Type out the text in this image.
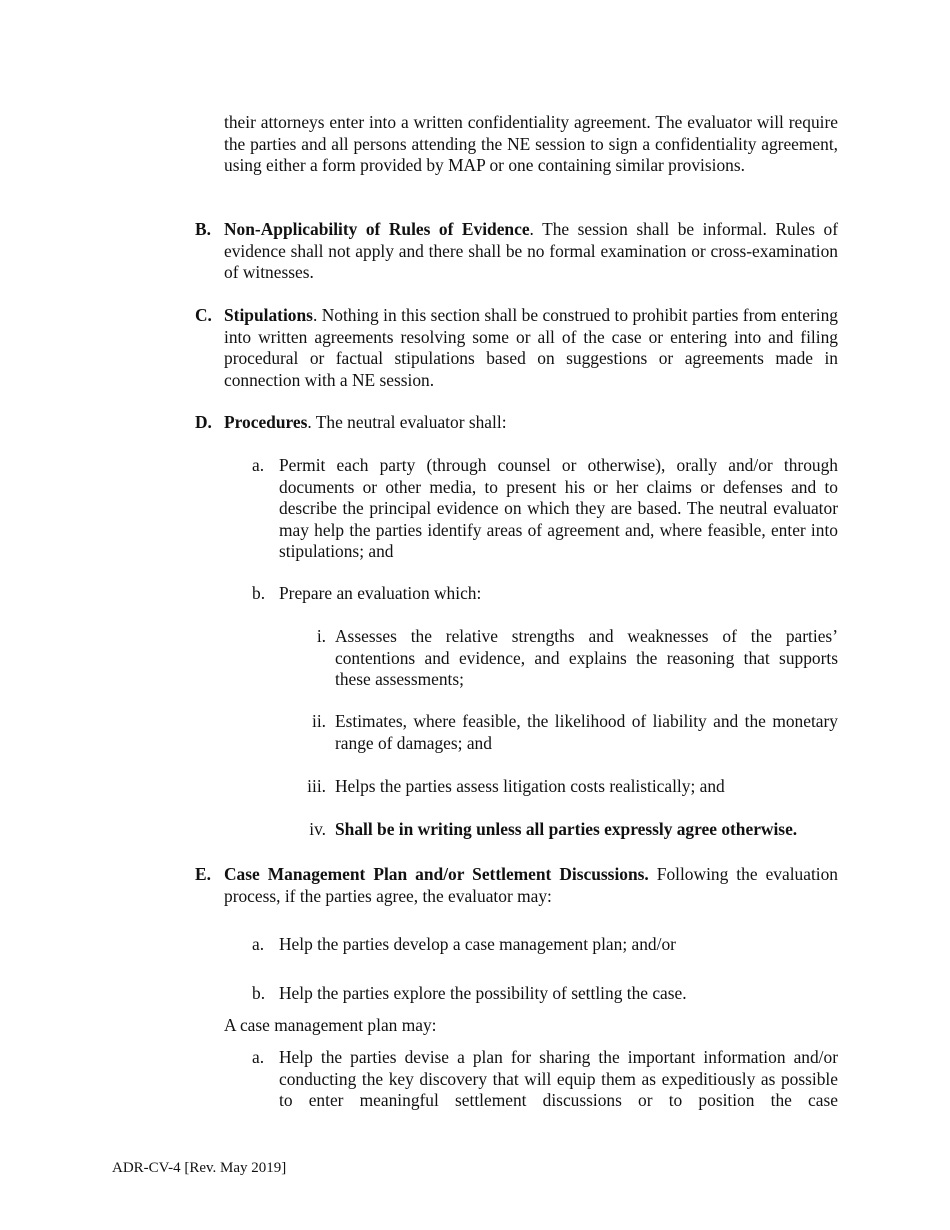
their attorneys enter into a written confidentiality agreement. The evaluator will require the parties and all persons attending the NE session to sign a confidentiality agreement, using either a form provided by MAP or one containing similar provisions.
B. Non-Applicability of Rules of Evidence. The session shall be informal. Rules of evidence shall not apply and there shall be no formal examination or cross-examination of witnesses.
C. Stipulations. Nothing in this section shall be construed to prohibit parties from entering into written agreements resolving some or all of the case or entering into and filing procedural or factual stipulations based on suggestions or agreements made in connection with a NE session.
D. Procedures. The neutral evaluator shall:
a. Permit each party (through counsel or otherwise), orally and/or through documents or other media, to present his or her claims or defenses and to describe the principal evidence on which they are based. The neutral evaluator may help the parties identify areas of agreement and, where feasible, enter into stipulations; and
b. Prepare an evaluation which:
i. Assesses the relative strengths and weaknesses of the parties’ contentions and evidence, and explains the reasoning that supports these assessments;
ii. Estimates, where feasible, the likelihood of liability and the monetary range of damages; and
iii. Helps the parties assess litigation costs realistically; and
iv. Shall be in writing unless all parties expressly agree otherwise.
E. Case Management Plan and/or Settlement Discussions. Following the evaluation process, if the parties agree, the evaluator may:
a. Help the parties develop a case management plan; and/or
b. Help the parties explore the possibility of settling the case.
A case management plan may:
a. Help the parties devise a plan for sharing the important information and/or conducting the key discovery that will equip them as expeditiously as possible to enter meaningful settlement discussions or to position the case
ADR-CV-4 [Rev. May 2019]
